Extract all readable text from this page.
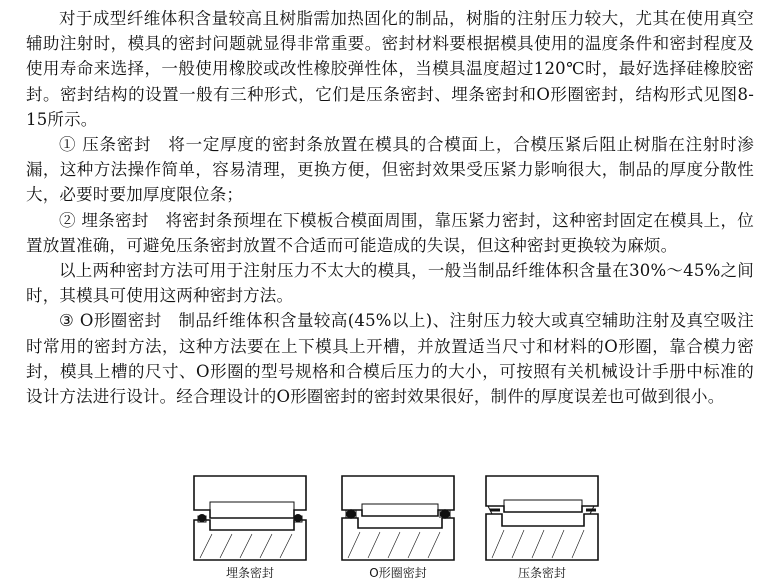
对于成型纤维体积含量较高且树脂需加热固化的制品，树脂的注射压力较大，尤其在使用真空辅助注射时，模具的密封问题就显得非常重要。密封材料要根据模具使用的温度条件和密封程度及使用寿命来选择，一般使用橡胶或改性橡胶弹性体，当模具温度超过120℃时，最好选择硅橡胶密封。密封结构的设置一般有三种形式，它们是压条密封、埋条密封和O形圈密封，结构形式见图8-15所示。

① 压条密封　将一定厚度的密封条放置在模具的合模面上，合模压紧后阻止树脂在注射时渗漏，这种方法操作简单，容易清理，更换方便，但密封效果受压紧力影响很大，制品的厚度分散性大，必要时要加厚度限位条；

② 埋条密封　将密封条预埋在下模板合模面周围，靠压紧力密封，这种密封固定在模具上，位置放置准确，可避免压条密封放置不合适而可能造成的失误，但这种密封更换较为麻烦。

以上两种密封方法可用于注射压力不太大的模具，一般当制品纤维体积含量在30%～45%之间时，其模具可使用这两种密封方法。

③ O形圈密封　制品纤维体积含量较高(45%以上)、注射压力较大或真空辅助注射及真空吸注时常用的密封方法，这种方法要在上下模具上开槽，并放置适当尺寸和材料的O形圈，靠合模力密封，模具上槽的尺寸、O形圈的型号规格和合模后压力的大小，可按照有关机械设计手册中标准的设计方法进行设计。经合理设计的O形圈密封的密封效果很好，制件的厚度误差也可做到很小。

埋条密封	O形圈密封	压条密封
